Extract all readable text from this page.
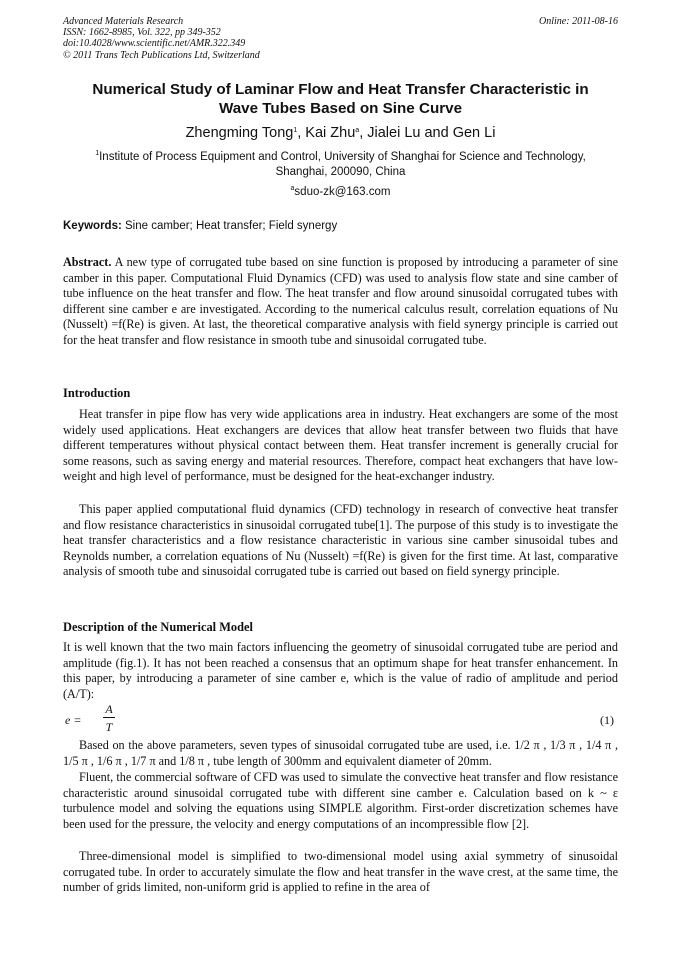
Advanced Materials Research
ISSN: 1662-8985, Vol. 322, pp 349-352
doi:10.4028/www.scientific.net/AMR.322.349
© 2011 Trans Tech Publications Ltd, Switzerland
Online: 2011-08-16
Numerical Study of Laminar Flow and Heat Transfer Characteristic in
Wave Tubes Based on Sine Curve
Zhengming Tong$^1$, Kai Zhu$^a$, Jialei Lu and Gen Li
$^1$Institute of Process Equipment and Control, University of Shanghai for Science and Technology,
Shanghai, 200090, China
$^a$sduo-zk@163.com
Keywords: Sine camber; Heat transfer; Field synergy
Abstract. A new type of corrugated tube based on sine function is proposed by introducing a parameter of sine camber in this paper. Computational Fluid Dynamics (CFD) was used to analysis flow state and sine camber of tube influence on the heat transfer and flow. The heat transfer and flow around sinusoidal corrugated tubes with different sine camber e are investigated. According to the numerical calculus result, correlation equations of Nu (Nusselt) =f(Re) is given. At last, the theoretical comparative analysis with field synergy principle is carried out for the heat transfer and flow resistance in smooth tube and sinusoidal corrugated tube.
Introduction
Heat transfer in pipe flow has very wide applications area in industry. Heat exchangers are some of the most widely used applications. Heat exchangers are devices that allow heat transfer between two fluids that have different temperatures without physical contact between them. Heat transfer increment is generally crucial for some reasons, such as saving energy and material resources. Therefore, compact heat exchangers that have low-weight and high level of performance, must be designed for the heat-exchanger industry.
This paper applied computational fluid dynamics (CFD) technology in research of convective heat transfer and flow resistance characteristics in sinusoidal corrugated tube[1]. The purpose of this study is to investigate the heat transfer characteristics and a flow resistance characteristic in various sine camber sinusoidal tubes and Reynolds number, a correlation equations of Nu (Nusselt) =f(Re) is given for the first time. At last, comparative analysis of smooth tube and sinusoidal corrugated tube is carried out based on field synergy principle.
Description of the Numerical Model
It is well known that the two main factors influencing the geometry of sinusoidal corrugated tube are period and amplitude (fig.1). It has not been reached a consensus that an optimum shape for heat transfer enhancement. In this paper, by introducing a parameter of sine camber e, which is the value of radio of amplitude and period (A/T):
e =
A
T	(1)
Based on the above parameters, seven types of sinusoidal corrugated tube are used, i.e. 1/2 π , 1/3 π , 1/4 π , 1/5 π , 1/6 π , 1/7 π and 1/8 π , tube length of 300mm and equivalent diameter of 20mm.
Fluent, the commercial software of CFD was used to simulate the convective heat transfer and flow resistance characteristic around sinusoidal corrugated tube with different sine camber e. Calculation based on k ~ ε turbulence model and solving the equations using SIMPLE algorithm. First-order discretization schemes have been used for the pressure, the velocity and energy computations of an incompressible flow [2].
Three-dimensional model is simplified to two-dimensional model using axial symmetry of sinusoidal corrugated tube. In order to accurately simulate the flow and heat transfer in the wave crest, at the same time, the number of grids limited, non-uniform grid is applied to refine in the area of
